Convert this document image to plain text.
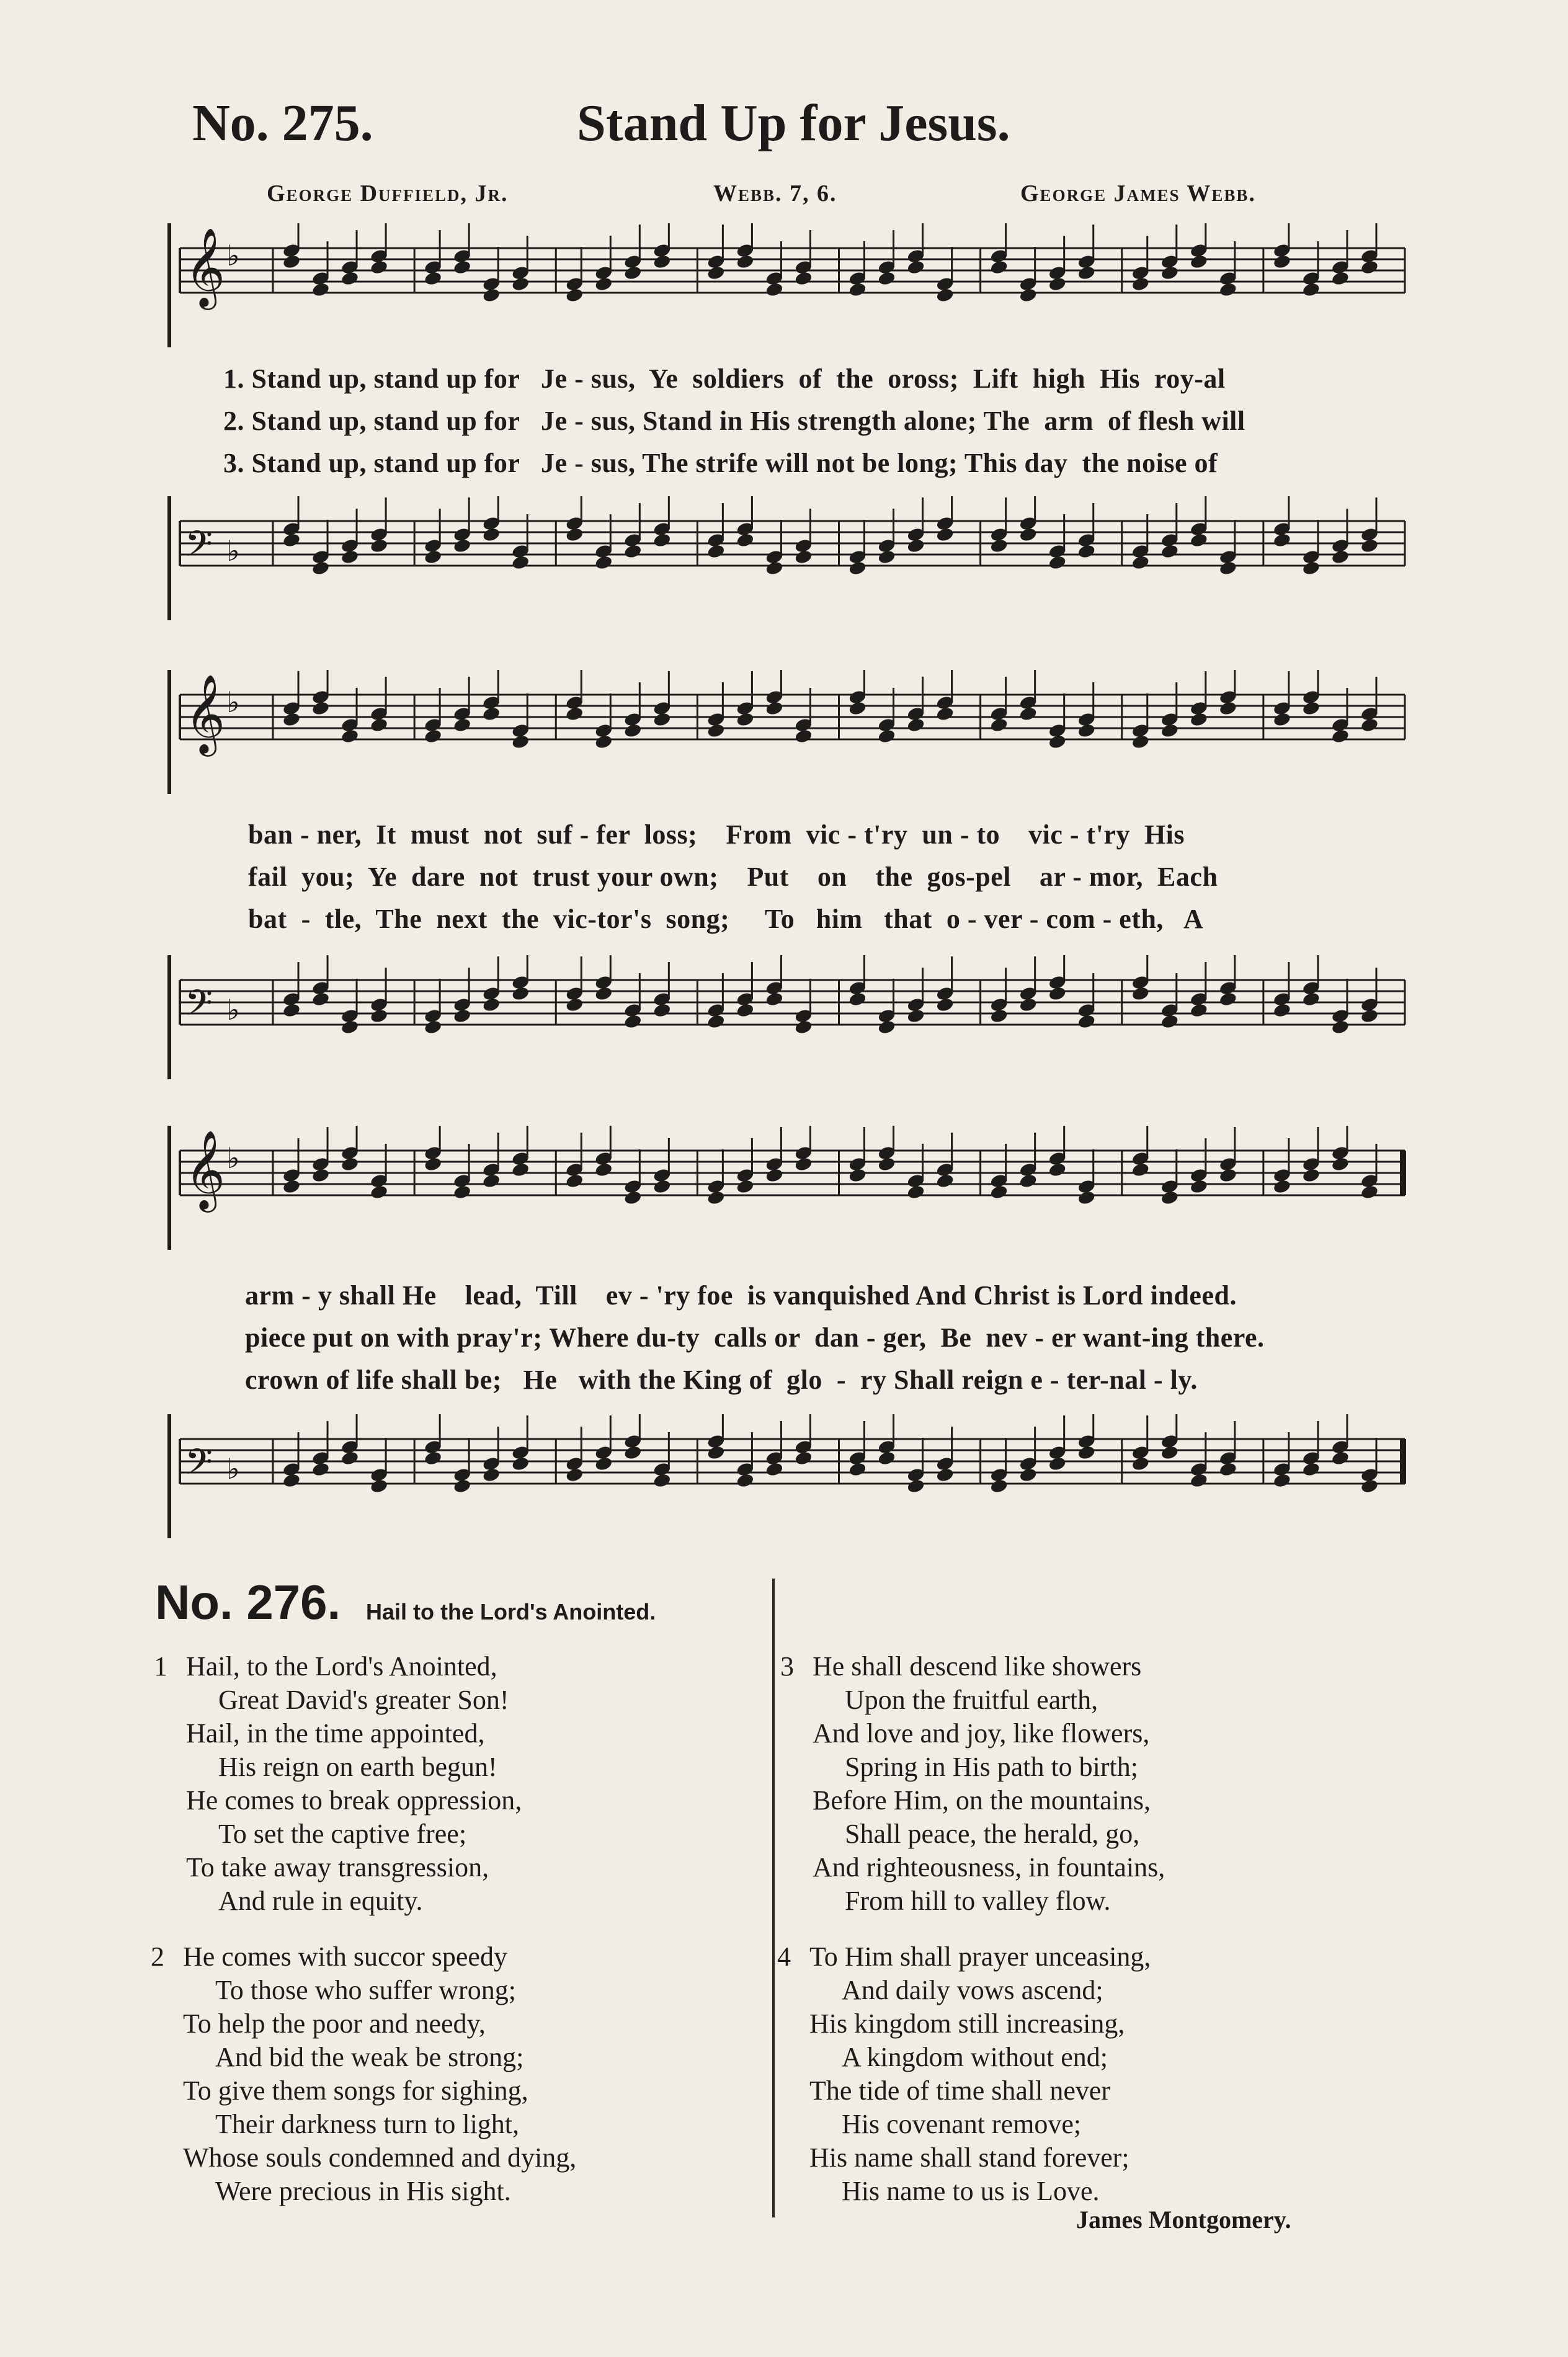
No. 275.	Stand Up for Jesus.
George Duffield, Jr.	Webb. 7, 6.	George James Webb.
𝄞 ♭
1. Stand up, stand up for   Je - sus,  Ye  soldiers  of  the  oross;  Lift  high  His  roy-al
2. Stand up, stand up for   Je - sus, Stand in His strength alone; The  arm  of flesh will
3. Stand up, stand up for   Je - sus, The strife will not be long; This day  the noise of
𝄢 ♭
𝄞 ♭
ban - ner,  It  must  not  suf - fer  loss;    From  vic - t'ry  un - to    vic - t'ry  His
fail  you;  Ye  dare  not  trust your own;    Put    on    the  gos-pel    ar - mor,  Each
bat  -  tle,  The  next  the  vic-tor's  song;     To   him   that  o - ver - com - eth,   A
𝄢 ♭
𝄞 ♭
arm - y shall He    lead,  Till    ev - 'ry foe  is vanquished And Christ is Lord indeed.
piece put on with pray'r; Where du-ty  calls or  dan - ger,  Be  nev - er want-ing there.
crown of life shall be;   He   with the King of  glo  -  ry Shall reign e - ter-nal - ly.
𝄢 ♭
No. 276. Hail to the Lord's Anointed.
1 Hail, to the Lord's Anointed,
Great David's greater Son!
Hail, in the time appointed,
His reign on earth begun!
He comes to break oppression,
To set the captive free;
To take away transgression,
And rule in equity.
2 He comes with succor speedy
To those who suffer wrong;
To help the poor and needy,
And bid the weak be strong;
To give them songs for sighing,
Their darkness turn to light,
Whose souls condemned and dying,
Were precious in His sight.
3 He shall descend like showers
Upon the fruitful earth,
And love and joy, like flowers,
Spring in His path to birth;
Before Him, on the mountains,
Shall peace, the herald, go,
And righteousness, in fountains,
From hill to valley flow.
4 To Him shall prayer unceasing,
And daily vows ascend;
His kingdom still increasing,
A kingdom without end;
The tide of time shall never
His covenant remove;
His name shall stand forever;
His name to us is Love.
James Montgomery.
